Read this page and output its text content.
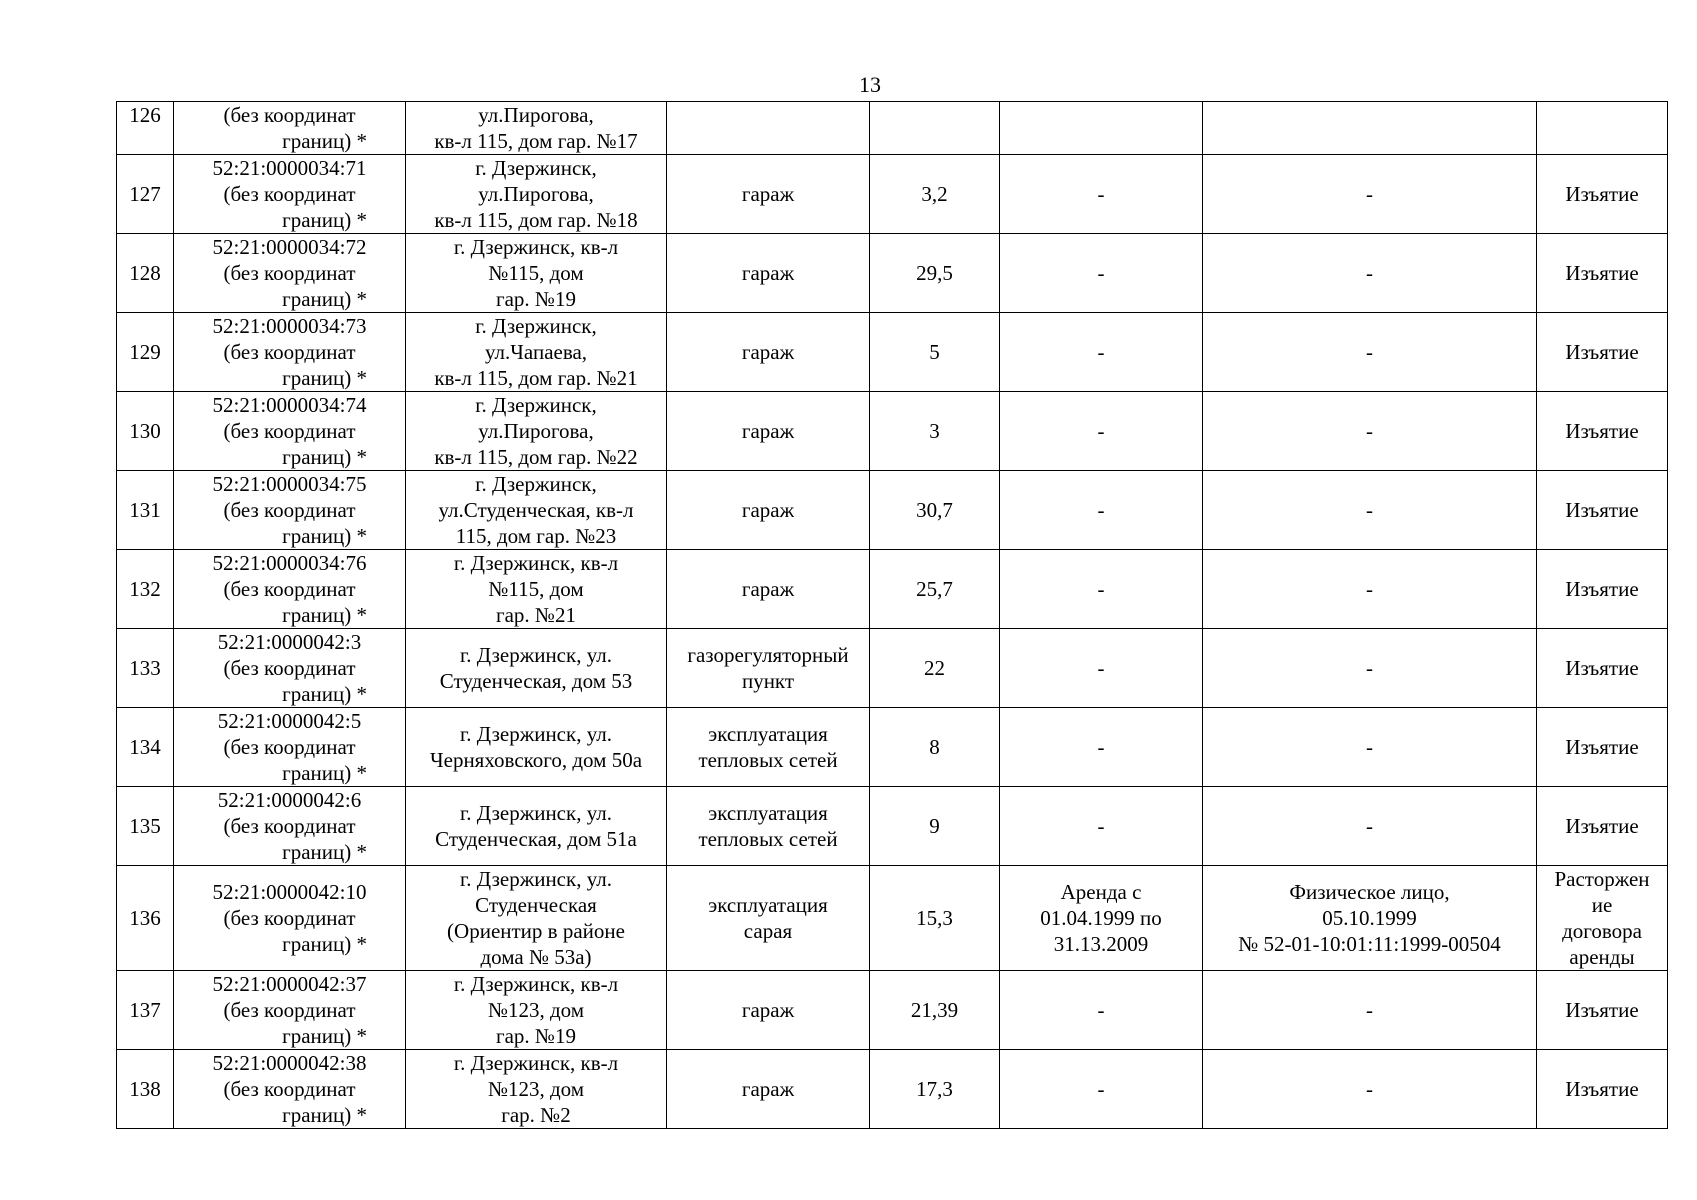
13
126	(без координат
границ) *	ул.Пирогова,
кв-л 115, дом гар. №17					

127	52:21:0000034:71
(без координат
границ) *	г. Дзержинск,
ул.Пирогова,
кв-л 115, дом гар. №18	гараж	3,2	-	-	Изъятие

128	52:21:0000034:72
(без координат
границ) *	г. Дзержинск, кв-л
№115, дом
гар. №19	гараж	29,5	-	-	Изъятие

129	52:21:0000034:73
(без координат
границ) *	г. Дзержинск,
ул.Чапаева,
кв-л 115, дом гар. №21	гараж	5	-	-	Изъятие

130	52:21:0000034:74
(без координат
границ) *	г. Дзержинск,
ул.Пирогова,
кв-л 115, дом гар. №22	гараж	3	-	-	Изъятие

131	52:21:0000034:75
(без координат
границ) *	г. Дзержинск,
ул.Студенческая, кв-л
115, дом гар. №23	гараж	30,7	-	-	Изъятие

132	52:21:0000034:76
(без координат
границ) *	г. Дзержинск, кв-л
№115, дом
гар. №21	гараж	25,7	-	-	Изъятие

133	52:21:0000042:3
(без координат
границ) *	г. Дзержинск, ул.
Студенческая, дом 53	газорегуляторный
пункт	22	-	-	Изъятие

134	52:21:0000042:5
(без координат
границ) *	г. Дзержинск, ул.
Черняховского, дом 50а	эксплуатация
тепловых сетей	8	-	-	Изъятие

135	52:21:0000042:6
(без координат
границ) *	г. Дзержинск, ул.
Студенческая, дом 51а	эксплуатация
тепловых сетей	9	-	-	Изъятие

136	52:21:0000042:10
(без координат
границ) *	г. Дзержинск, ул.
Студенческая
(Ориентир в районе
дома № 53а)	эксплуатация
сарая	15,3	Аренда с
01.04.1999 по
31.13.2009	Физическое лицо,
05.10.1999
№ 52-01-10:01:11:1999-00504	Расторжен
ие
договора
аренды

137	52:21:0000042:37
(без координат
границ) *	г. Дзержинск, кв-л
№123, дом
гар. №19	гараж	21,39	-	-	Изъятие

138	52:21:0000042:38
(без координат
границ) *	г. Дзержинск, кв-л
№123, дом
гар. №2	гараж	17,3	-	-	Изъятие
